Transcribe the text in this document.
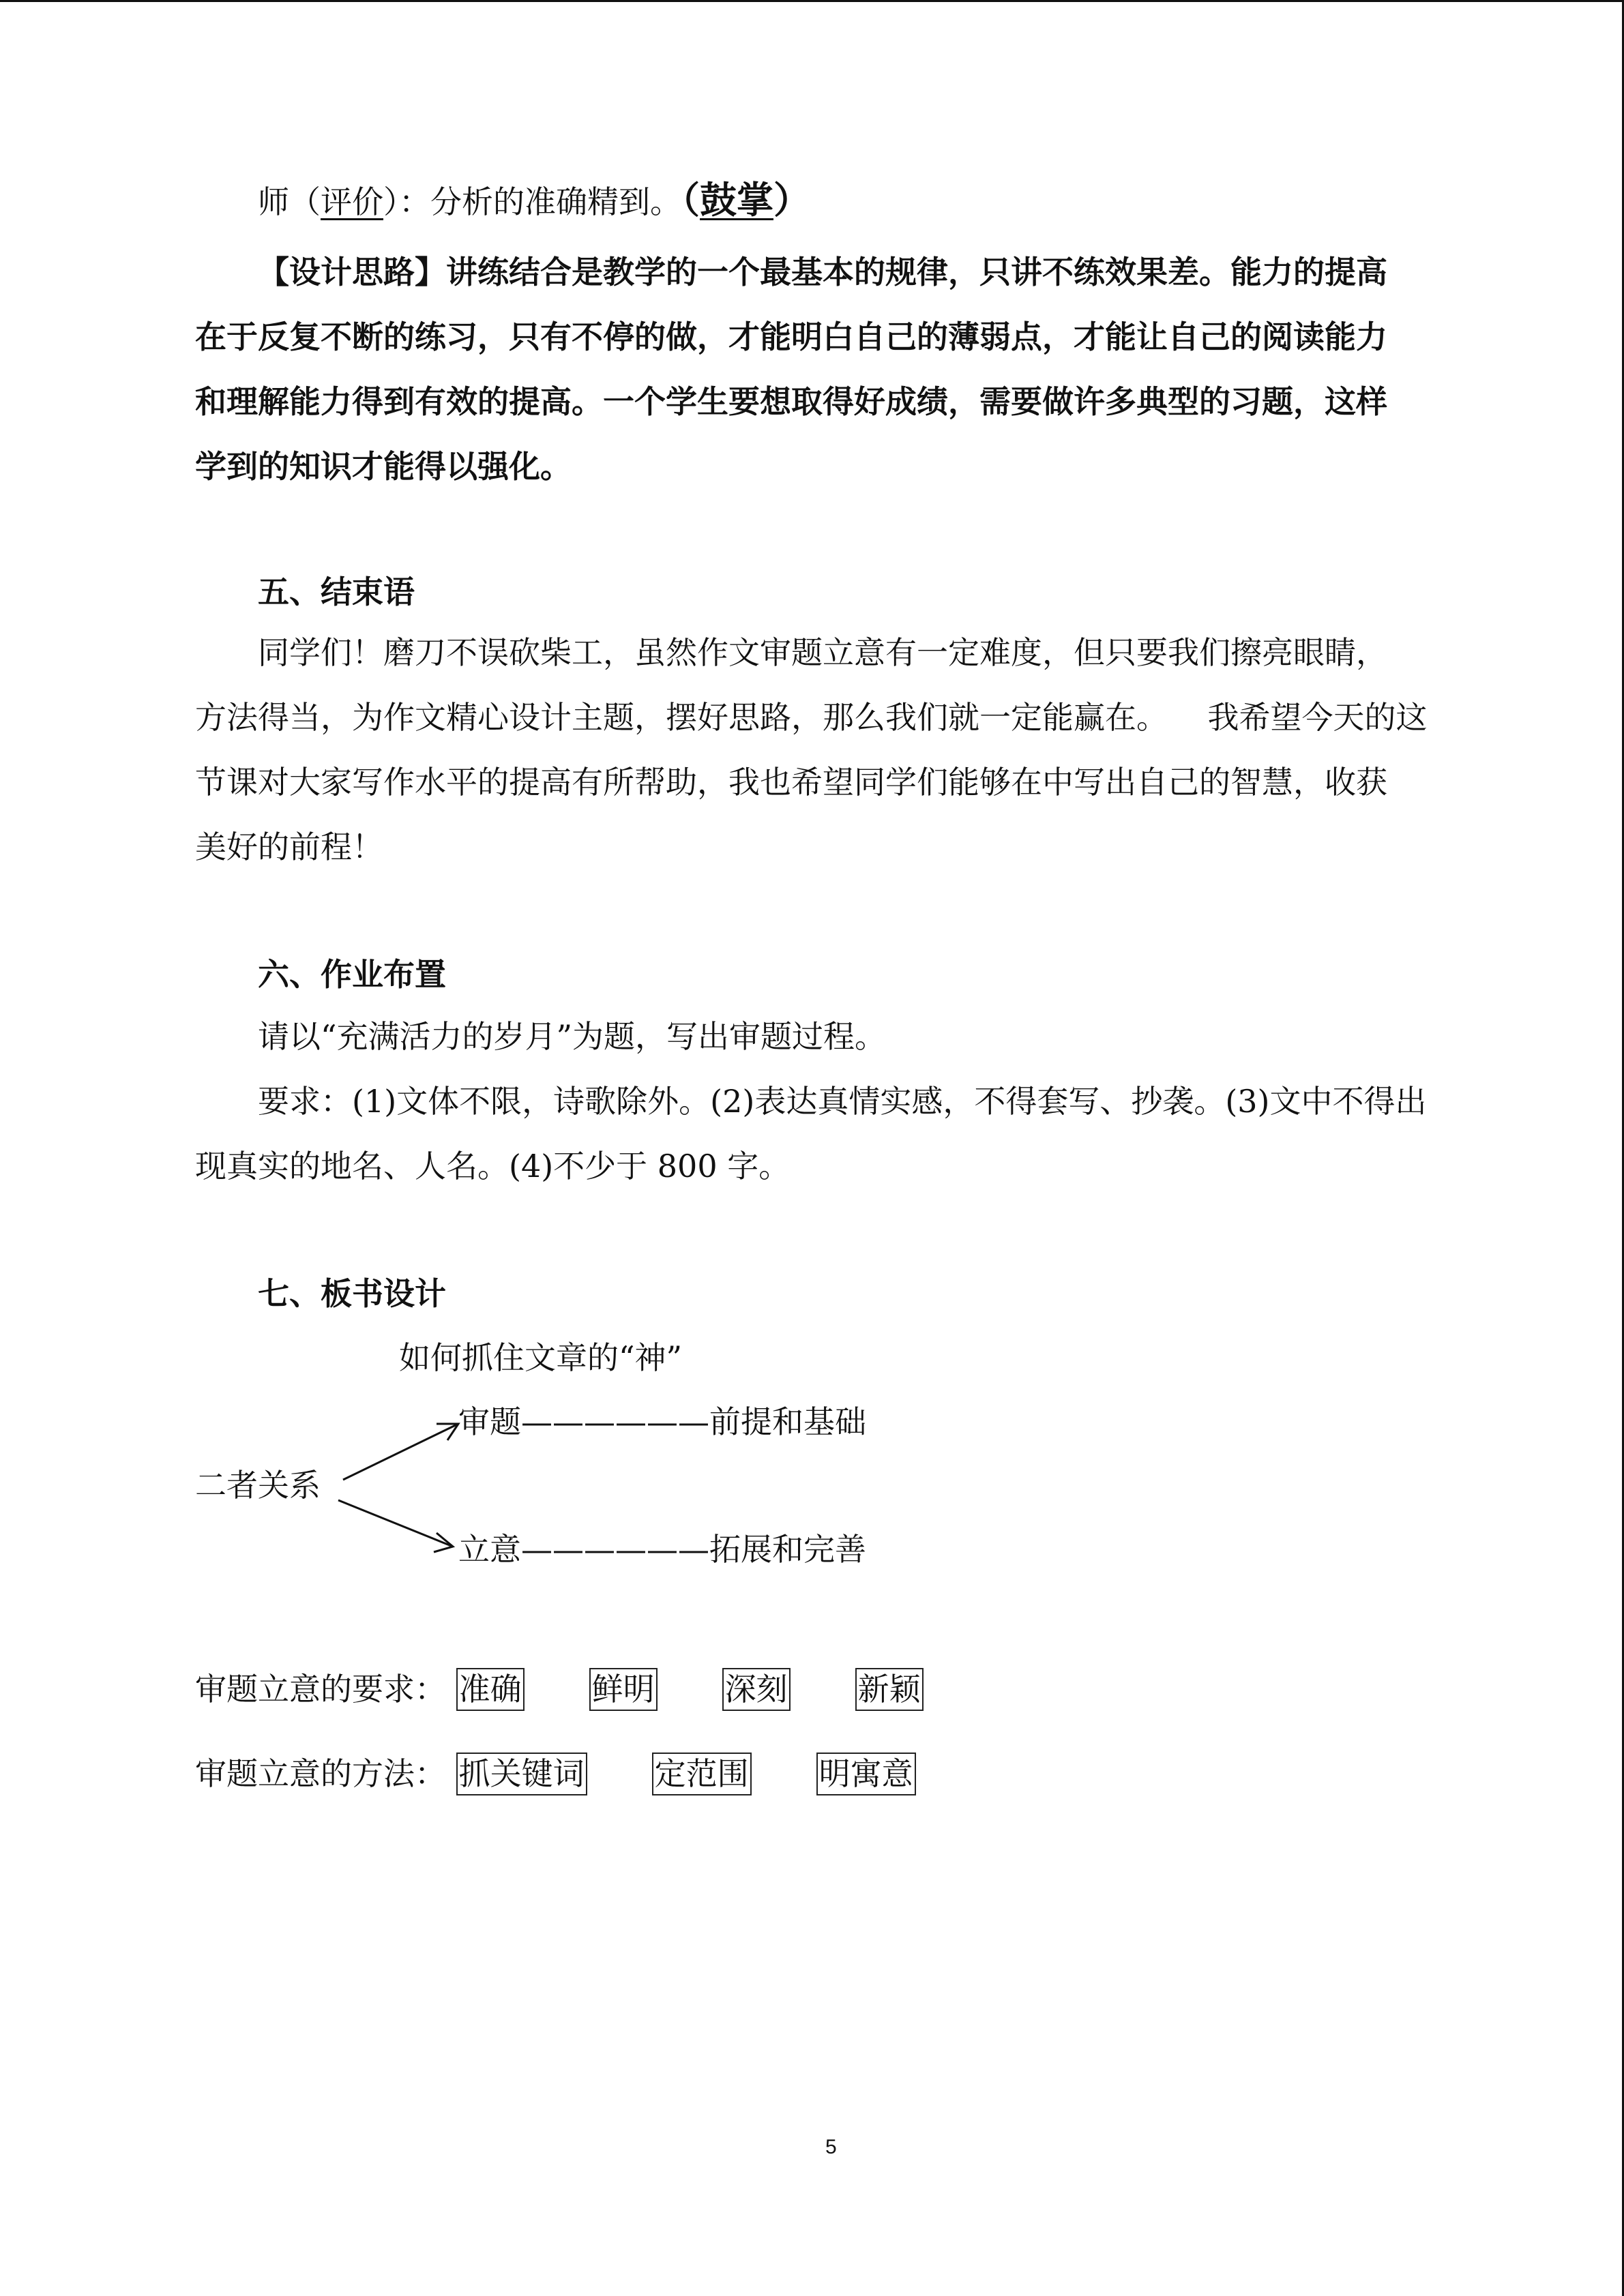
师（评价）：分析的准确精到。（鼓掌）
【设计思路】讲练结合是教学的一个最基本的规律，只讲不练效果差。能力的提高
在于反复不断的练习，只有不停的做，才能明白自己的薄弱点，才能让自己的阅读能力
和理解能力得到有效的提高。一个学生要想取得好成绩，需要做许多典型的习题，这样
学到的知识才能得以强化。
五、结束语
同学们！磨刀不误砍柴工，虽然作文审题立意有一定难度，但只要我们擦亮眼睛，
方法得当，为作文精心设计主题，摆好思路，那么我们就一定能赢在。    我希望今天的这
节课对大家写作水平的提高有所帮助，我也希望同学们能够在中写出自己的智慧，收获
美好的前程！
六、作业布置
请以“充满活力的岁月”为题，写出审题过程。
要求：(1)文体不限，诗歌除外。(2)表达真情实感，不得套写、抄袭。(3)文中不得出
现真实的地名、人名。(4)不少于 800 字。
七、板书设计
如何抓住文章的“神”
审题——————前提和基础
二者关系
立意——————拓展和完善
审题立意的要求： 准确 鲜明 深刻 新颖
审题立意的方法： 抓关键词 定范围 明寓意
5
